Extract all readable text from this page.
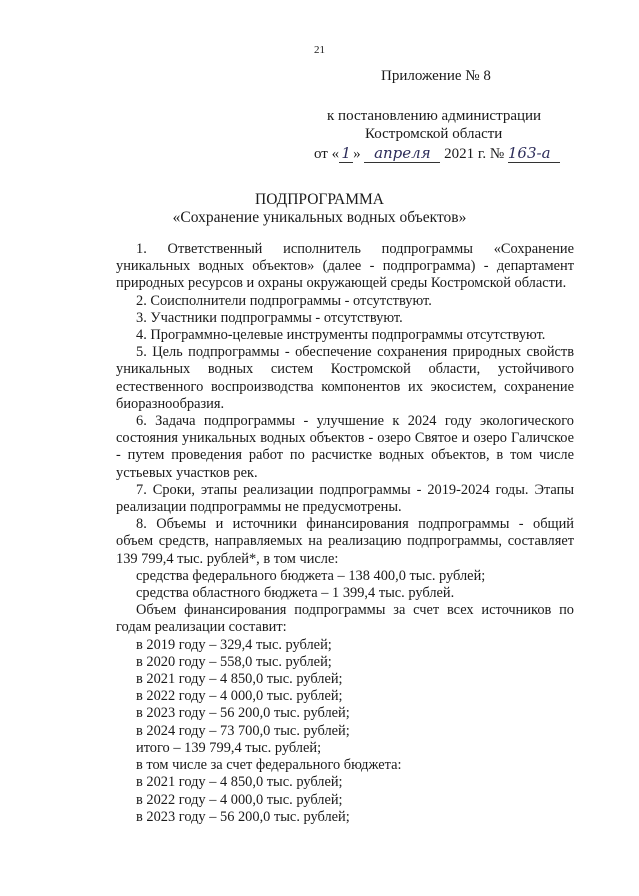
21
Приложение № 8
к постановлению администрации
Костромской области
от « 1 » апреля 2021 г. № 163-а
ПОДПРОГРАММА
«Сохранение уникальных водных объектов»

1. Ответственный исполнитель подпрограммы «Сохранение уникальных водных объектов» (далее - подпрограмма) - департамент природных ресурсов и охраны окружающей среды Костромской области.

2. Соисполнители подпрограммы - отсутствуют.

3. Участники подпрограммы - отсутствуют.

4. Программно-целевые инструменты подпрограммы отсутствуют.

5. Цель подпрограммы - обеспечение сохранения природных свойств уникальных водных систем Костромской области, устойчивого естественного воспроизводства компонентов их экосистем, сохранение биоразнообразия.

6. Задача подпрограммы - улучшение к 2024 году экологического состояния уникальных водных объектов - озеро Святое и озеро Галичское - путем проведения работ по расчистке водных объектов, в том числе устьевых участков рек.

7. Сроки, этапы реализации подпрограммы - 2019-2024 годы. Этапы реализации подпрограммы не предусмотрены.

8. Объемы и источники финансирования подпрограммы - общий объем средств, направляемых на реализацию подпрограммы, составляет 139 799,4 тыс. рублей*, в том числе:

средства федерального бюджета – 138 400,0 тыс. рублей;

средства областного бюджета – 1 399,4 тыс. рублей.

Объем финансирования подпрограммы за счет всех источников по годам реализации составит:

в 2019 году – 329,4 тыс. рублей;

в 2020 году – 558,0 тыс. рублей;

в 2021 году – 4 850,0 тыс. рублей;

в 2022 году – 4 000,0 тыс. рублей;

в 2023 году – 56 200,0 тыс. рублей;

в 2024 году – 73 700,0 тыс. рублей;

итого – 139 799,4 тыс. рублей;

в том числе за счет федерального бюджета:

в 2021 году – 4 850,0 тыс. рублей;

в 2022 году – 4 000,0 тыс. рублей;

в 2023 году – 56 200,0 тыс. рублей;
